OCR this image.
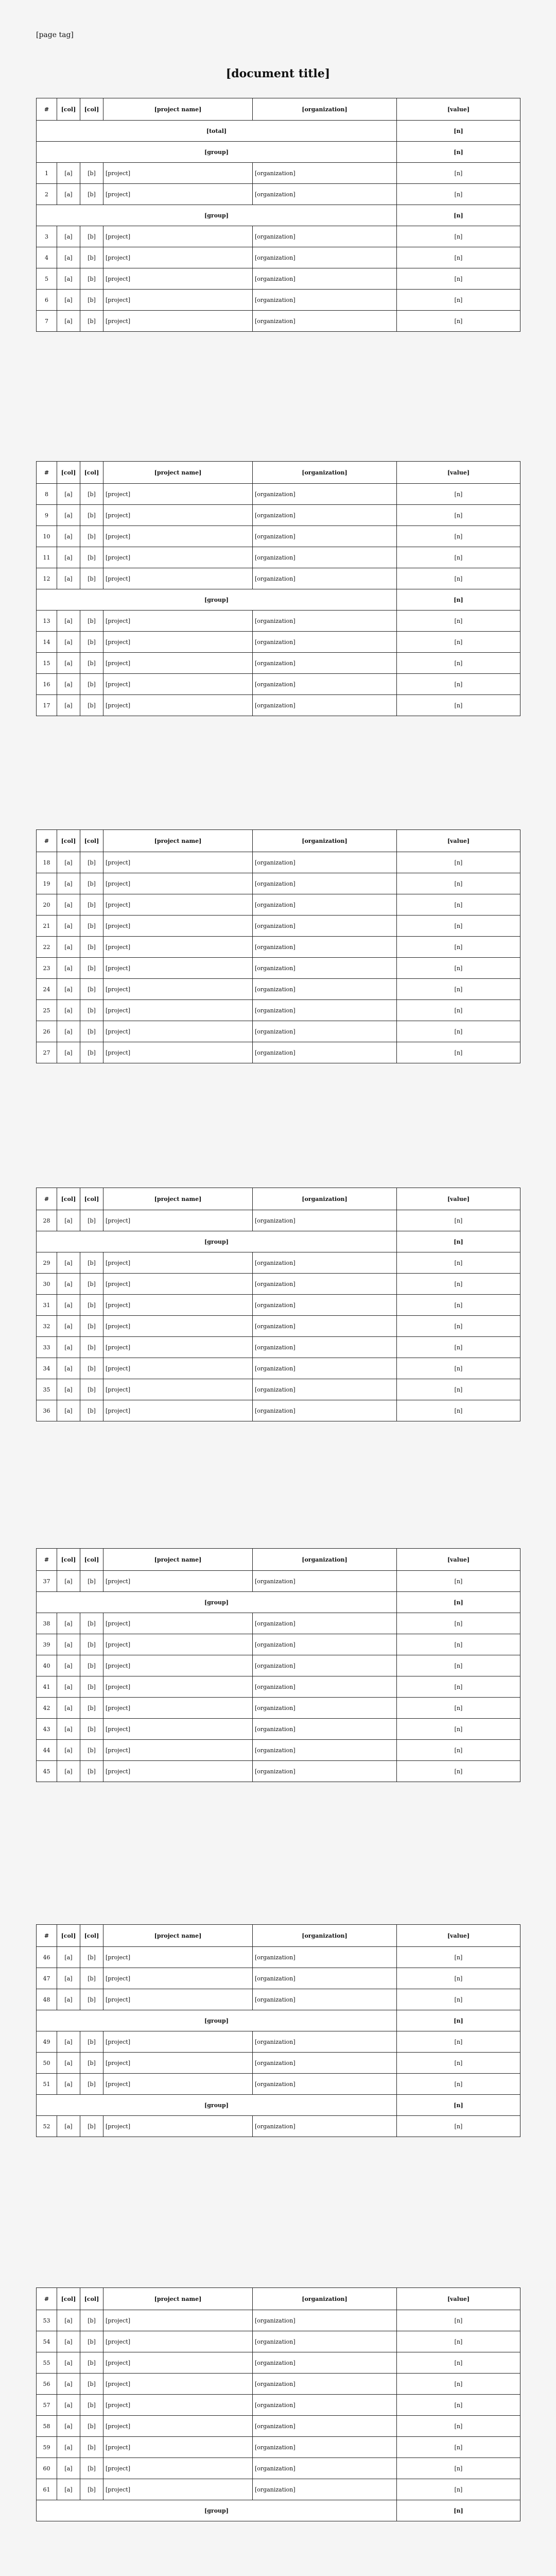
[page tag]
[document title]
#	[col]	[col]	[project name]	[organization]	[value]
[total]					[n]
[group]					[n]
1	[a]	[b]	[project]	[organization]	[n]
2	[a]	[b]	[project]	[organization]	[n]
[group]					[n]
3	[a]	[b]	[project]	[organization]	[n]
4	[a]	[b]	[project]	[organization]	[n]
5	[a]	[b]	[project]	[organization]	[n]
6	[a]	[b]	[project]	[organization]	[n]
7	[a]	[b]	[project]	[organization]	[n]
#	[col]	[col]	[project name]	[organization]	[value]
8	[a]	[b]	[project]	[organization]	[n]
9	[a]	[b]	[project]	[organization]	[n]
10	[a]	[b]	[project]	[organization]	[n]
11	[a]	[b]	[project]	[organization]	[n]
12	[a]	[b]	[project]	[organization]	[n]
[group]					[n]
13	[a]	[b]	[project]	[organization]	[n]
14	[a]	[b]	[project]	[organization]	[n]
15	[a]	[b]	[project]	[organization]	[n]
16	[a]	[b]	[project]	[organization]	[n]
17	[a]	[b]	[project]	[organization]	[n]
#	[col]	[col]	[project name]	[organization]	[value]
18	[a]	[b]	[project]	[organization]	[n]
19	[a]	[b]	[project]	[organization]	[n]
20	[a]	[b]	[project]	[organization]	[n]
21	[a]	[b]	[project]	[organization]	[n]
22	[a]	[b]	[project]	[organization]	[n]
23	[a]	[b]	[project]	[organization]	[n]
24	[a]	[b]	[project]	[organization]	[n]
25	[a]	[b]	[project]	[organization]	[n]
26	[a]	[b]	[project]	[organization]	[n]
27	[a]	[b]	[project]	[organization]	[n]
#	[col]	[col]	[project name]	[organization]	[value]
28	[a]	[b]	[project]	[organization]	[n]
[group]					[n]
29	[a]	[b]	[project]	[organization]	[n]
30	[a]	[b]	[project]	[organization]	[n]
31	[a]	[b]	[project]	[organization]	[n]
32	[a]	[b]	[project]	[organization]	[n]
33	[a]	[b]	[project]	[organization]	[n]
34	[a]	[b]	[project]	[organization]	[n]
35	[a]	[b]	[project]	[organization]	[n]
36	[a]	[b]	[project]	[organization]	[n]
#	[col]	[col]	[project name]	[organization]	[value]
37	[a]	[b]	[project]	[organization]	[n]
[group]					[n]
38	[a]	[b]	[project]	[organization]	[n]
39	[a]	[b]	[project]	[organization]	[n]
40	[a]	[b]	[project]	[organization]	[n]
41	[a]	[b]	[project]	[organization]	[n]
42	[a]	[b]	[project]	[organization]	[n]
43	[a]	[b]	[project]	[organization]	[n]
44	[a]	[b]	[project]	[organization]	[n]
45	[a]	[b]	[project]	[organization]	[n]
#	[col]	[col]	[project name]	[organization]	[value]
46	[a]	[b]	[project]	[organization]	[n]
47	[a]	[b]	[project]	[organization]	[n]
48	[a]	[b]	[project]	[organization]	[n]
[group]					[n]
49	[a]	[b]	[project]	[organization]	[n]
50	[a]	[b]	[project]	[organization]	[n]
51	[a]	[b]	[project]	[organization]	[n]
[group]					[n]
52	[a]	[b]	[project]	[organization]	[n]
#	[col]	[col]	[project name]	[organization]	[value]
53	[a]	[b]	[project]	[organization]	[n]
54	[a]	[b]	[project]	[organization]	[n]
55	[a]	[b]	[project]	[organization]	[n]
56	[a]	[b]	[project]	[organization]	[n]
57	[a]	[b]	[project]	[organization]	[n]
58	[a]	[b]	[project]	[organization]	[n]
59	[a]	[b]	[project]	[organization]	[n]
60	[a]	[b]	[project]	[organization]	[n]
61	[a]	[b]	[project]	[organization]	[n]
[group]					[n]
